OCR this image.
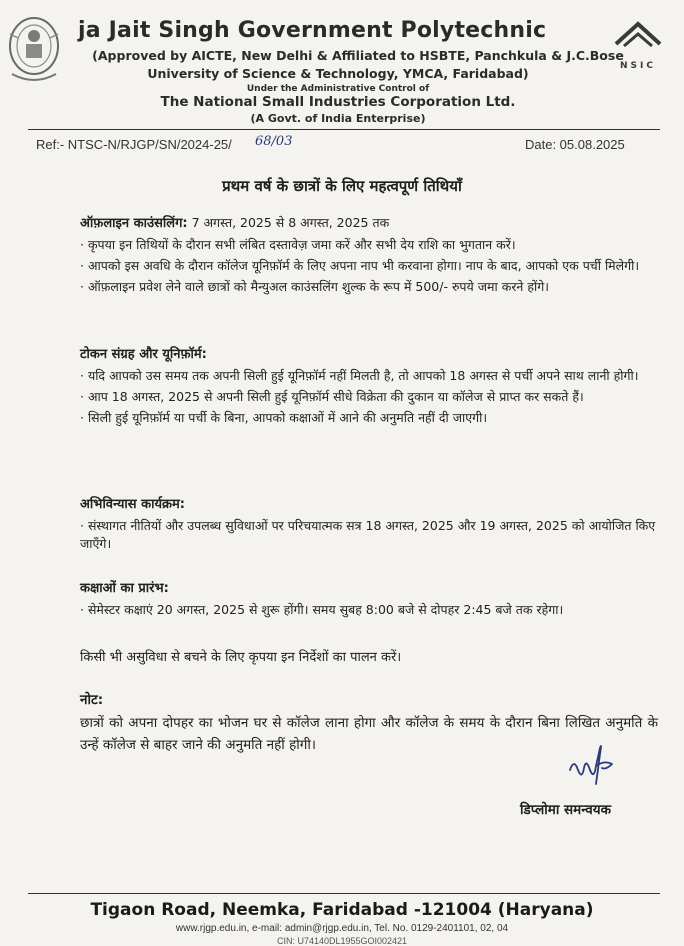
ja Jait Singh Government Polytechnic
(Approved by AICTE, New Delhi & Affiliated to HSBTE, Panchkula & J.C.Bose
University of Science & Technology, YMCA, Faridabad)
Under the Administrative Control of
The National Small Industries Corporation Ltd.
(A Govt. of India Enterprise)
NSIC
Ref:- NTSC-N/RJGP/SN/2024-25/ 68/03	Date: 05.08.2025
प्रथम वर्ष के छात्रों के लिए महत्वपूर्ण तिथियाँ
ऑफ़लाइन काउंसलिंग: 7 अगस्त, 2025 से 8 अगस्त, 2025 तक

· कृपया इन तिथियों के दौरान सभी लंबित दस्तावेज़ जमा करें और सभी देय राशि का भुगतान करें।

· आपको इस अवधि के दौरान कॉलेज यूनिफ़ॉर्म के लिए अपना नाप भी करवाना होगा। नाप के बाद, आपको एक पर्ची मिलेगी।

· ऑफ़लाइन प्रवेश लेने वाले छात्रों को मैन्युअल काउंसलिंग शुल्क के रूप में 500/- रुपये जमा करने होंगे।

टोकन संग्रह और यूनिफ़ॉर्म:

· यदि आपको उस समय तक अपनी सिली हुई यूनिफ़ॉर्म नहीं मिलती है, तो आपको 18 अगस्त से पर्ची अपने साथ लानी होगी।

· आप 18 अगस्त, 2025 से अपनी सिली हुई यूनिफ़ॉर्म सीधे विक्रेता की दुकान या कॉलेज से प्राप्त कर सकते हैं।

· सिली हुई यूनिफ़ॉर्म या पर्ची के बिना, आपको कक्षाओं में आने की अनुमति नहीं दी जाएगी।

अभिविन्यास कार्यक्रम:

· संस्थागत नीतियों और उपलब्ध सुविधाओं पर परिचयात्मक सत्र 18 अगस्त, 2025 और 19 अगस्त, 2025 को आयोजित किए जाएँगे।

कक्षाओं का प्रारंभ:

· सेमेस्टर कक्षाएं 20 अगस्त, 2025 से शुरू होंगी। समय सुबह 8:00 बजे से दोपहर 2:45 बजे तक रहेगा।

किसी भी असुविधा से बचने के लिए कृपया इन निर्देशों का पालन करें।
नोट:
छात्रों को अपना दोपहर का भोजन घर से कॉलेज लाना होगा और कॉलेज के समय के दौरान बिना लिखित अनुमति के उन्हें कॉलेज से बाहर जाने की अनुमति नहीं होगी।
डिप्लोमा समन्वयक
Tigaon Road, Neemka, Faridabad -121004 (Haryana)
www.rjgp.edu.in, e-mail: admin@rjgp.edu.in, Tel. No. 0129-2401101, 02, 04
CIN: U74140DL1955GOI002421
